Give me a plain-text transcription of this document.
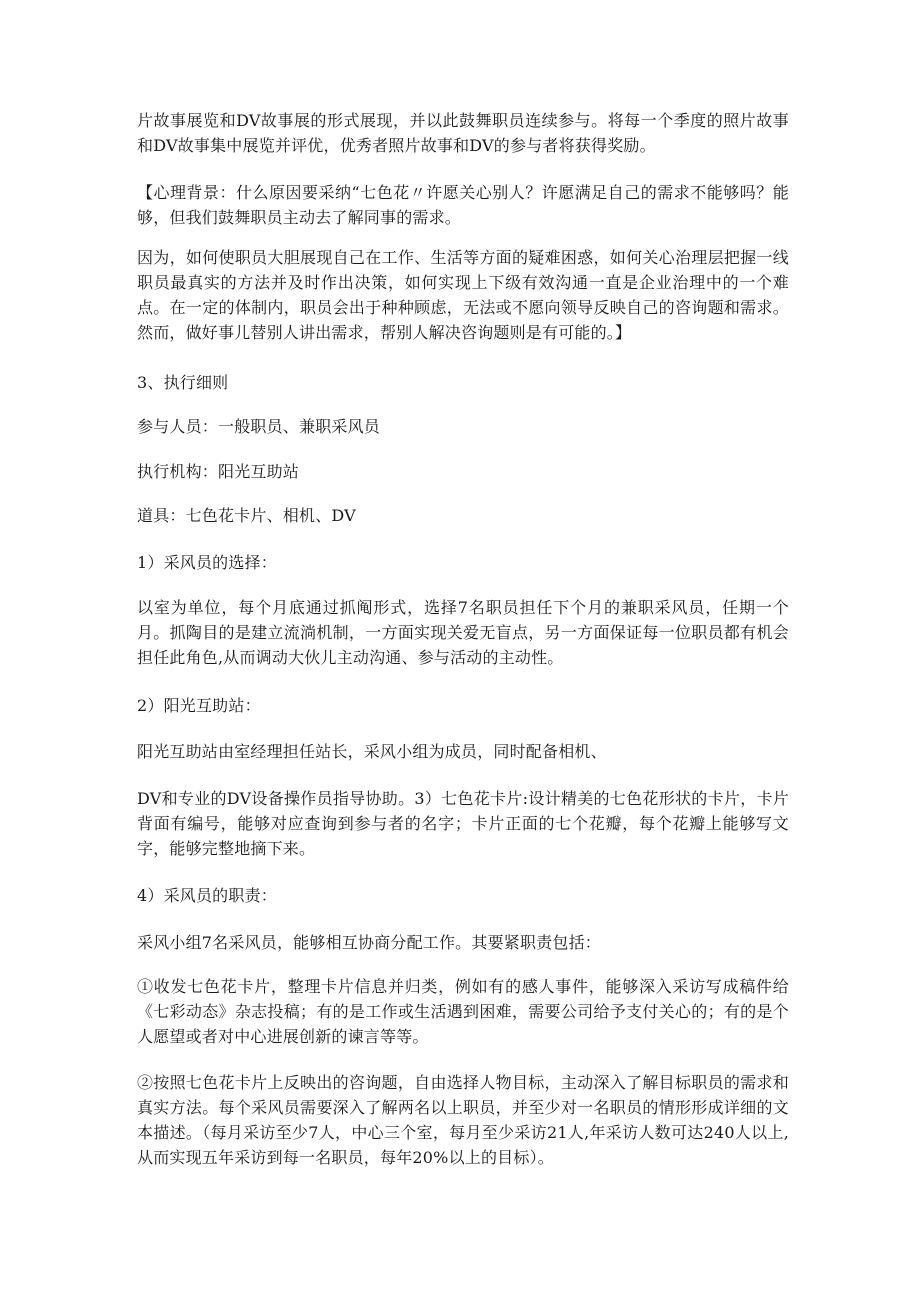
片故事展览和DV故事展的形式展现，并以此鼓舞职员连续参与。将每一个季度的照片故事和DV故事集中展览并评优，优秀者照片故事和DV的参与者将获得奖励。

【心理背景：什么原因要采纳“七色花〃许愿关心别人？许愿满足自己的需求不能够吗？能够，但我们鼓舞职员主动去了解同事的需求。

因为，如何使职员大胆展现自己在工作、生活等方面的疑难困惑，如何关心治理层把握一线职员最真实的方法并及时作出决策，如何实现上下级有效沟通一直是企业治理中的一个难点。在一定的体制内，职员会出于种种顾虑，无法或不愿向领导反映自己的咨询题和需求。然而，做好事儿替别人讲出需求，帮别人解决咨询题则是有可能的。】

3、执行细则

参与人员：一般职员、兼职采风员

执行机构：阳光互助站

道具：七色花卡片、相机、DV

1）采风员的选择：

以室为单位，每个月底通过抓阄形式，选择7名职员担任下个月的兼职采风员，任期一个月。抓陶目的是建立流淌机制，一方面实现关爱无盲点，另一方面保证每一位职员都有机会担任此角色,从而调动大伙儿主动沟通、参与活动的主动性。

2）阳光互助站：

阳光互助站由室经理担任站长，采风小组为成员，同时配备相机、

DV和专业的DV设备操作员指导协助。3）七色花卡片:设计精美的七色花形状的卡片，卡片背面有编号，能够对应查询到参与者的名字；卡片正面的七个花瓣，每个花瓣上能够写文字，能够完整地摘下来。

4）采风员的职责：

采风小组7名采风员，能够相互协商分配工作。其要紧职责包括：

①收发七色花卡片，整理卡片信息并归类，例如有的感人事件，能够深入采访写成稿件给《七彩动态》杂志投稿；有的是工作或生活遇到困难，需要公司给予支付关心的；有的是个人愿望或者对中心进展创新的谏言等等。

②按照七色花卡片上反映出的咨询题，自由选择人物目标，主动深入了解目标职员的需求和真实方法。每个采风员需要深入了解两名以上职员，并至少对一名职员的情形形成详细的文本描述。（每月采访至少7人，中心三个室，每月至少采访21人,年采访人数可达240人以上,从而实现五年采访到每一名职员，每年20%以上的目标）。
